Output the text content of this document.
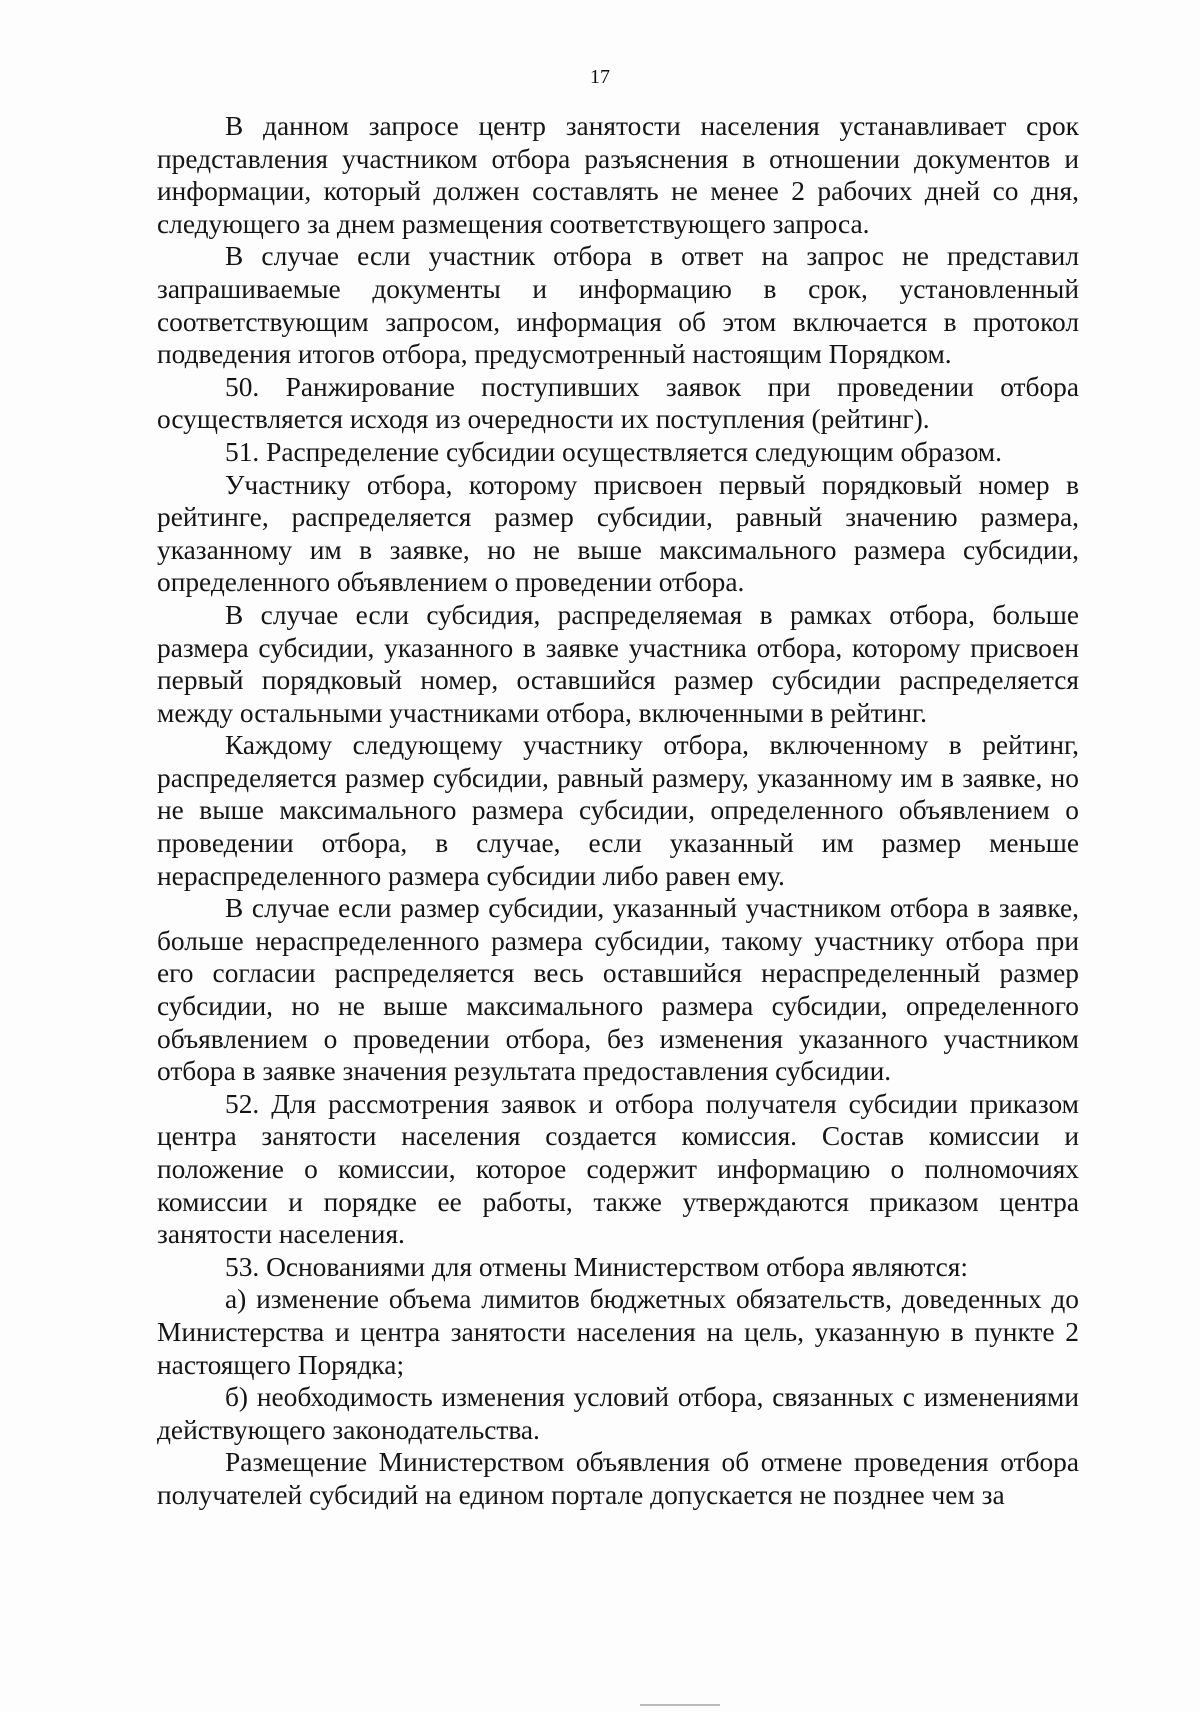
17

В данном запросе центр занятости населения устанавливает срок представления участником отбора разъяснения в отношении документов и информации, который должен составлять не менее 2 рабочих дней со дня, следующего за днем размещения соответствующего запроса.

В случае если участник отбора в ответ на запрос не представил запрашиваемые документы и информацию в срок, установленный соответствующим запросом, информация об этом включается в протокол подведения итогов отбора, предусмотренный настоящим Порядком.

50. Ранжирование поступивших заявок при проведении отбора осуществляется исходя из очередности их поступления (рейтинг).

51. Распределение субсидии осуществляется следующим образом.

Участнику отбора, которому присвоен первый порядковый номер в рейтинге, распределяется размер субсидии, равный значению размера, указанному им в заявке, но не выше максимального размера субсидии, определенного объявлением о проведении отбора.

В случае если субсидия, распределяемая в рамках отбора, больше размера субсидии, указанного в заявке участника отбора, которому присвоен первый порядковый номер, оставшийся размер субсидии распределяется между остальными участниками отбора, включенными в рейтинг.

Каждому следующему участнику отбора, включенному в рейтинг, распределяется размер субсидии, равный размеру, указанному им в заявке, но не выше максимального размера субсидии, определенного объявлением о проведении отбора, в случае, если указанный им размер меньше нераспределенного размера субсидии либо равен ему.

В случае если размер субсидии, указанный участником отбора в заявке, больше нераспределенного размера субсидии, такому участнику отбора при его согласии распределяется весь оставшийся нераспределенный размер субсидии, но не выше максимального размера субсидии, определенного объявлением о проведении отбора, без изменения указанного участником отбора в заявке значения результата предоставления субсидии.

52. Для рассмотрения заявок и отбора получателя субсидии приказом центра занятости населения создается комиссия. Состав комиссии и положение о комиссии, которое содержит информацию о полномочиях комиссии и порядке ее работы, также утверждаются приказом центра занятости населения.

53. Основаниями для отмены Министерством отбора являются:

а) изменение объема лимитов бюджетных обязательств, доведенных до Министерства и центра занятости населения на цель, указанную в пункте 2 настоящего Порядка;

б) необходимость изменения условий отбора, связанных с изменениями действующего законодательства.

Размещение Министерством объявления об отмене проведения отбора получателей субсидий на едином портале допускается не позднее чем за
